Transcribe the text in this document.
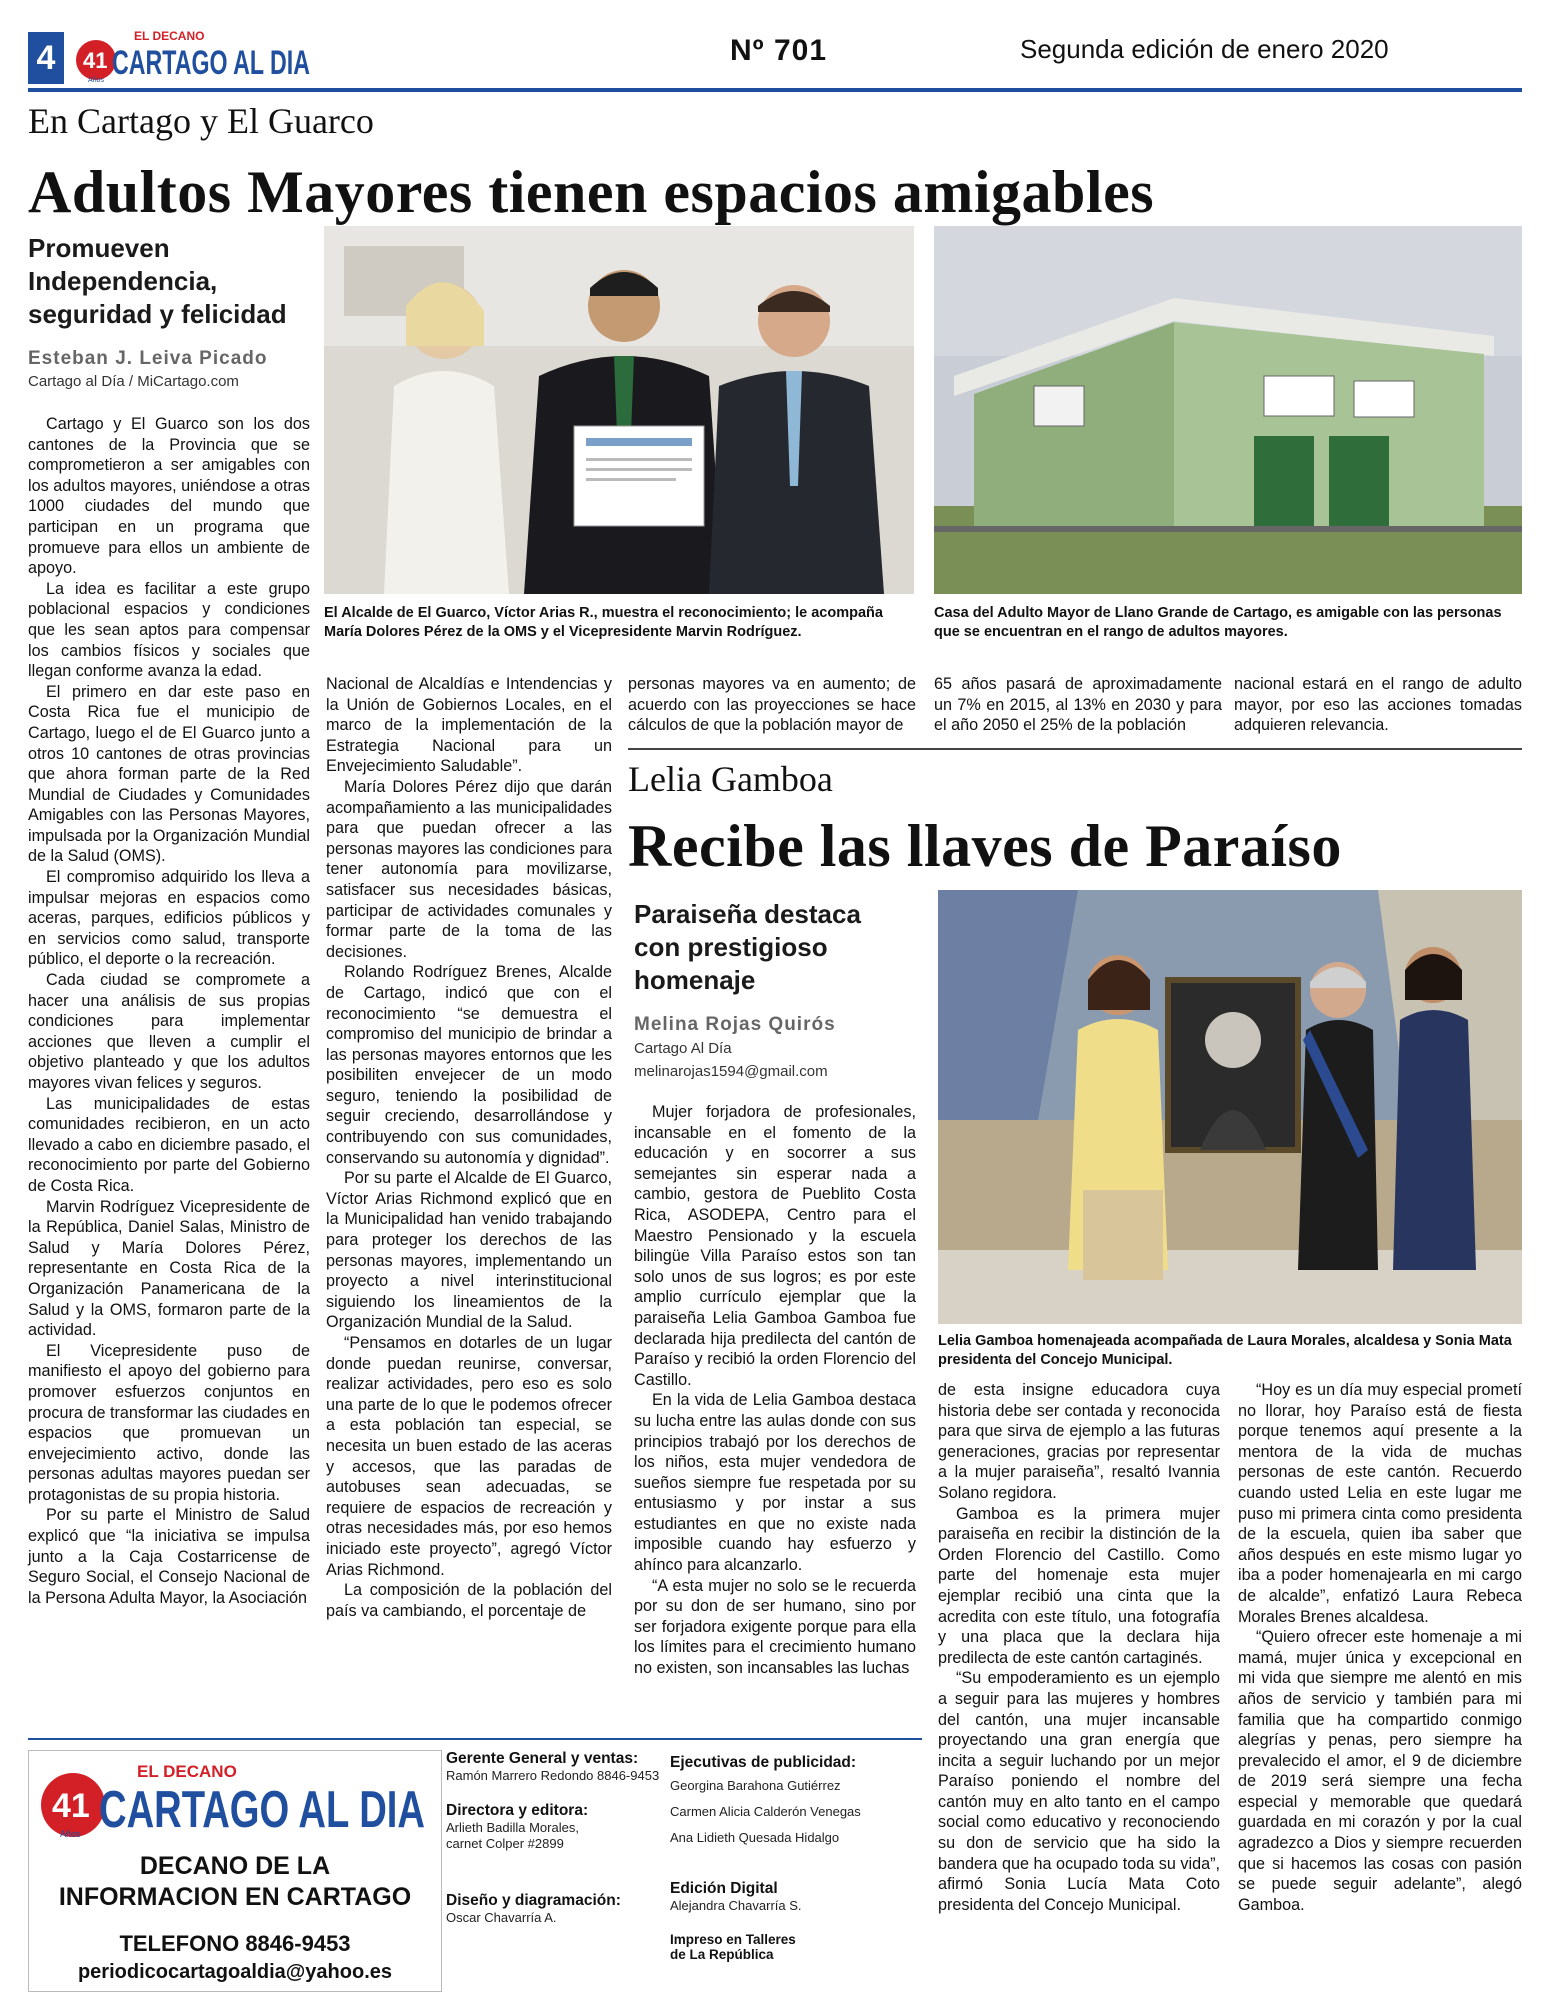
4
EL DECANO
41
Años CARTAGO AL DIA	Nº 701	Segunda edición de enero 2020
En Cartago y El Guarco
Adultos Mayores tienen espacios amigables
Promueven Independencia, seguridad y felicidad
Esteban J. Leiva Picado
Cartago al Día / MiCartago.com
El Alcalde de El Guarco, Víctor Arias R., muestra el reconocimiento; le acompaña María Dolores Pérez de la OMS y el Vicepresidente Marvin Rodríguez.
Casa del Adulto Mayor de Llano Grande de Cartago, es amigable con las personas que se encuentran en el rango de adultos mayores.

Cartago y El Guarco son los dos cantones de la Provincia que se comprometieron a ser amigables con los adultos mayores, uniéndose a otras 1000 ciudades del mundo que participan en un programa que promueve para ellos un ambiente de apoyo.

La idea es facilitar a este grupo poblacional espacios y condiciones que les sean aptos para compensar los cambios físicos y sociales que llegan conforme avanza la edad.

El primero en dar este paso en Costa Rica fue el municipio de Cartago, luego el de El Guarco junto a otros 10 cantones de otras provincias que ahora forman parte de la Red Mundial de Ciudades y Comunidades Amigables con las Personas Mayores, impulsada por la Organización Mundial de la Salud (OMS).

El compromiso adquirido los lleva a impulsar mejoras en espacios como aceras, parques, edificios públicos y en servicios como salud, transporte público, el deporte o la recreación.

Cada ciudad se compromete a hacer una análisis de sus propias condiciones para implementar acciones que lleven a cumplir el objetivo planteado y que los adultos mayores vivan felices y seguros.

Las municipalidades de estas comunidades recibieron, en un acto llevado a cabo en diciembre pasado, el reconocimiento por parte del Gobierno de Costa Rica.

Marvin Rodríguez Vicepresidente de la República, Daniel Salas, Ministro de Salud y María Dolores Pérez, representante en Costa Rica de la Organización Panamericana de la Salud y la OMS, formaron parte de la actividad.

El Vicepresidente puso de manifiesto el apoyo del gobierno para promover esfuerzos conjuntos en procura de transformar las ciudades en espacios que promuevan un envejecimiento activo, donde las personas adultas mayores puedan ser protagonistas de su propia historia.

Por su parte el Ministro de Salud explicó que “la iniciativa se impulsa junto a la Caja Costarricense de Seguro Social, el Consejo Nacional de la Persona Adulta Mayor, la Asociación

Nacional de Alcaldías e Intendencias y la Unión de Gobiernos Locales, en el marco de la implementación de la Estrategia Nacional para un Envejecimiento Saludable”.

María Dolores Pérez dijo que darán acompañamiento a las municipalidades para que puedan ofrecer a las personas mayores las condiciones para tener autonomía para movilizarse, satisfacer sus necesidades básicas, participar de actividades comunales y formar parte de la toma de las decisiones.

Rolando Rodríguez Brenes, Alcalde de Cartago, indicó que con el reconocimiento “se demuestra el compromiso del municipio de brindar a las personas mayores entornos que les posibiliten envejecer de un modo seguro, teniendo la posibilidad de seguir creciendo, desarrollándose y contribuyendo con sus comunidades, conservando su autonomía y dignidad”.

Por su parte el Alcalde de El Guarco, Víctor Arias Richmond explicó que en la Municipalidad han venido trabajando para proteger los derechos de las personas mayores, implementando un proyecto a nivel interinstitucional siguiendo los lineamientos de la Organización Mundial de la Salud.

“Pensamos en dotarles de un lugar donde puedan reunirse, conversar, realizar actividades, pero eso es solo una parte de lo que le podemos ofrecer a esta población tan especial, se necesita un buen estado de las aceras y accesos, que las paradas de autobuses sean adecuadas, se requiere de espacios de recreación y otras necesidades más, por eso hemos iniciado este proyecto”, agregó Víctor Arias Richmond.

La composición de la población del país va cambiando, el porcentaje de

personas mayores va en aumento; de acuerdo con las proyecciones se hace cálculos de que la población mayor de

65 años pasará de aproximadamente un 7% en 2015, al 13% en 2030 y para el año 2050 el 25% de la población

nacional estará en el rango de adulto mayor, por eso las acciones tomadas adquieren relevancia.

Lelia Gamboa
Recibe las llaves de Paraíso
Paraiseña destaca con prestigioso homenaje
Melina Rojas Quirós
Cartago Al Día
melinarojas1594@gmail.com
Lelia Gamboa homenajeada acompañada de Laura Morales, alcaldesa y Sonia Mata presidenta del Concejo Municipal.

Mujer forjadora de profesionales, incansable en el fomento de la educación y en socorrer a sus semejantes sin esperar nada a cambio, gestora de Pueblito Costa Rica, ASODEPA, Centro para el Maestro Pensionado y la escuela bilingüe Villa Paraíso estos son tan solo unos de sus logros; es por este amplio currículo ejemplar que la paraiseña Lelia Gamboa Gamboa fue declarada hija predilecta del cantón de Paraíso y recibió la orden Florencio del Castillo.

En la vida de Lelia Gamboa destaca su lucha entre las aulas donde con sus principios trabajó por los derechos de los niños, esta mujer vendedora de sueños siempre fue respetada por su entusiasmo y por instar a sus estudiantes en que no existe nada imposible cuando hay esfuerzo y ahínco para alcanzarlo.

“A esta mujer no solo se le recuerda por su don de ser humano, sino por ser forjadora exigente porque para ella los límites para el crecimiento humano no existen, son incansables las luchas

de esta insigne educadora cuya historia debe ser contada y reconocida para que sirva de ejemplo a las futuras generaciones, gracias por representar a la mujer paraiseña”, resaltó Ivannia Solano regidora.

Gamboa es la primera mujer paraiseña en recibir la distinción de la Orden Florencio del Castillo. Como parte del homenaje esta mujer ejemplar recibió una cinta que la acredita con este título, una fotografía y una placa que la declara hija predilecta de este cantón cartaginés.

“Su empoderamiento es un ejemplo a seguir para las mujeres y hombres del cantón, una mujer incansable proyectando una gran energía que incita a seguir luchando por un mejor Paraíso poniendo el nombre del cantón muy en alto tanto en el campo social como educativo y reconociendo su don de servicio que ha sido la bandera que ha ocupado toda su vida”, afirmó Sonia Lucía Mata Coto presidenta del Concejo Municipal.

“Hoy es un día muy especial prometí no llorar, hoy Paraíso está de fiesta porque tenemos aquí presente a la mentora de la vida de muchas personas de este cantón. Recuerdo cuando usted Lelia en este lugar me puso mi primera cinta como presidenta de la escuela, quien iba saber que años después en este mismo lugar yo iba a poder homenajearla en mi cargo de alcalde”, enfatizó Laura Rebeca Morales Brenes alcaldesa.

“Quiero ofrecer este homenaje a mi mamá, mujer única y excepcional en mi vida que siempre me alentó en mis años de servicio y también para mi familia que ha compartido conmigo alegrías y penas, pero siempre ha prevalecido el amor, el 9 de diciembre de 2019 será siempre una fecha especial y memorable que quedará guardada en mi corazón y por la cual agradezco a Dios y siempre recuerden que si hacemos las cosas con pasión se puede seguir adelante”, alegó Gamboa.

EL DECANO
41
Años CARTAGO AL DIA
DECANO DE LA
INFORMACION EN CARTAGO
TELEFONO 8846-9453
periodicocartagoaldia@yahoo.es
Gerente General y ventas:
Ramón Marrero Redondo 8846-9453
Directora y editora:
Arlieth Badilla Morales,
carnet Colper #2899
Diseño y diagramación:
Oscar Chavarría A.
Ejecutivas de publicidad:
Georgina Barahona Gutiérrez
Carmen Alicia Calderón Venegas
Ana Lidieth Quesada Hidalgo
Edición Digital
Alejandra Chavarría S.
Impreso en Talleres
de La República
